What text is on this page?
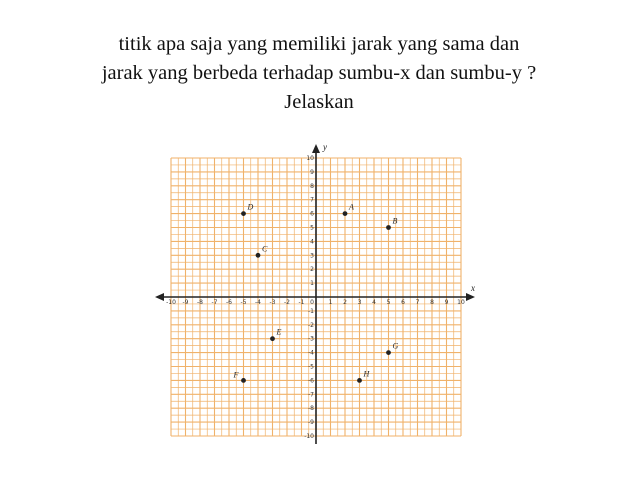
titik apa saja yang memiliki jarak yang sama dan
jarak yang berbeda terhadap sumbu-x dan sumbu-y ?
Jelaskan
x
y
-10
-10
-9
-9
-8
-8
-7
-7
-6
-6
-5
-5
-4
-4
-3
-3
-2
-2
-1
-1
1
1
2
2
3
3
4
4
5
5
6
6
7
7
8
8
9
9
10
10
0
A
B
C
D
E
F
G
H
